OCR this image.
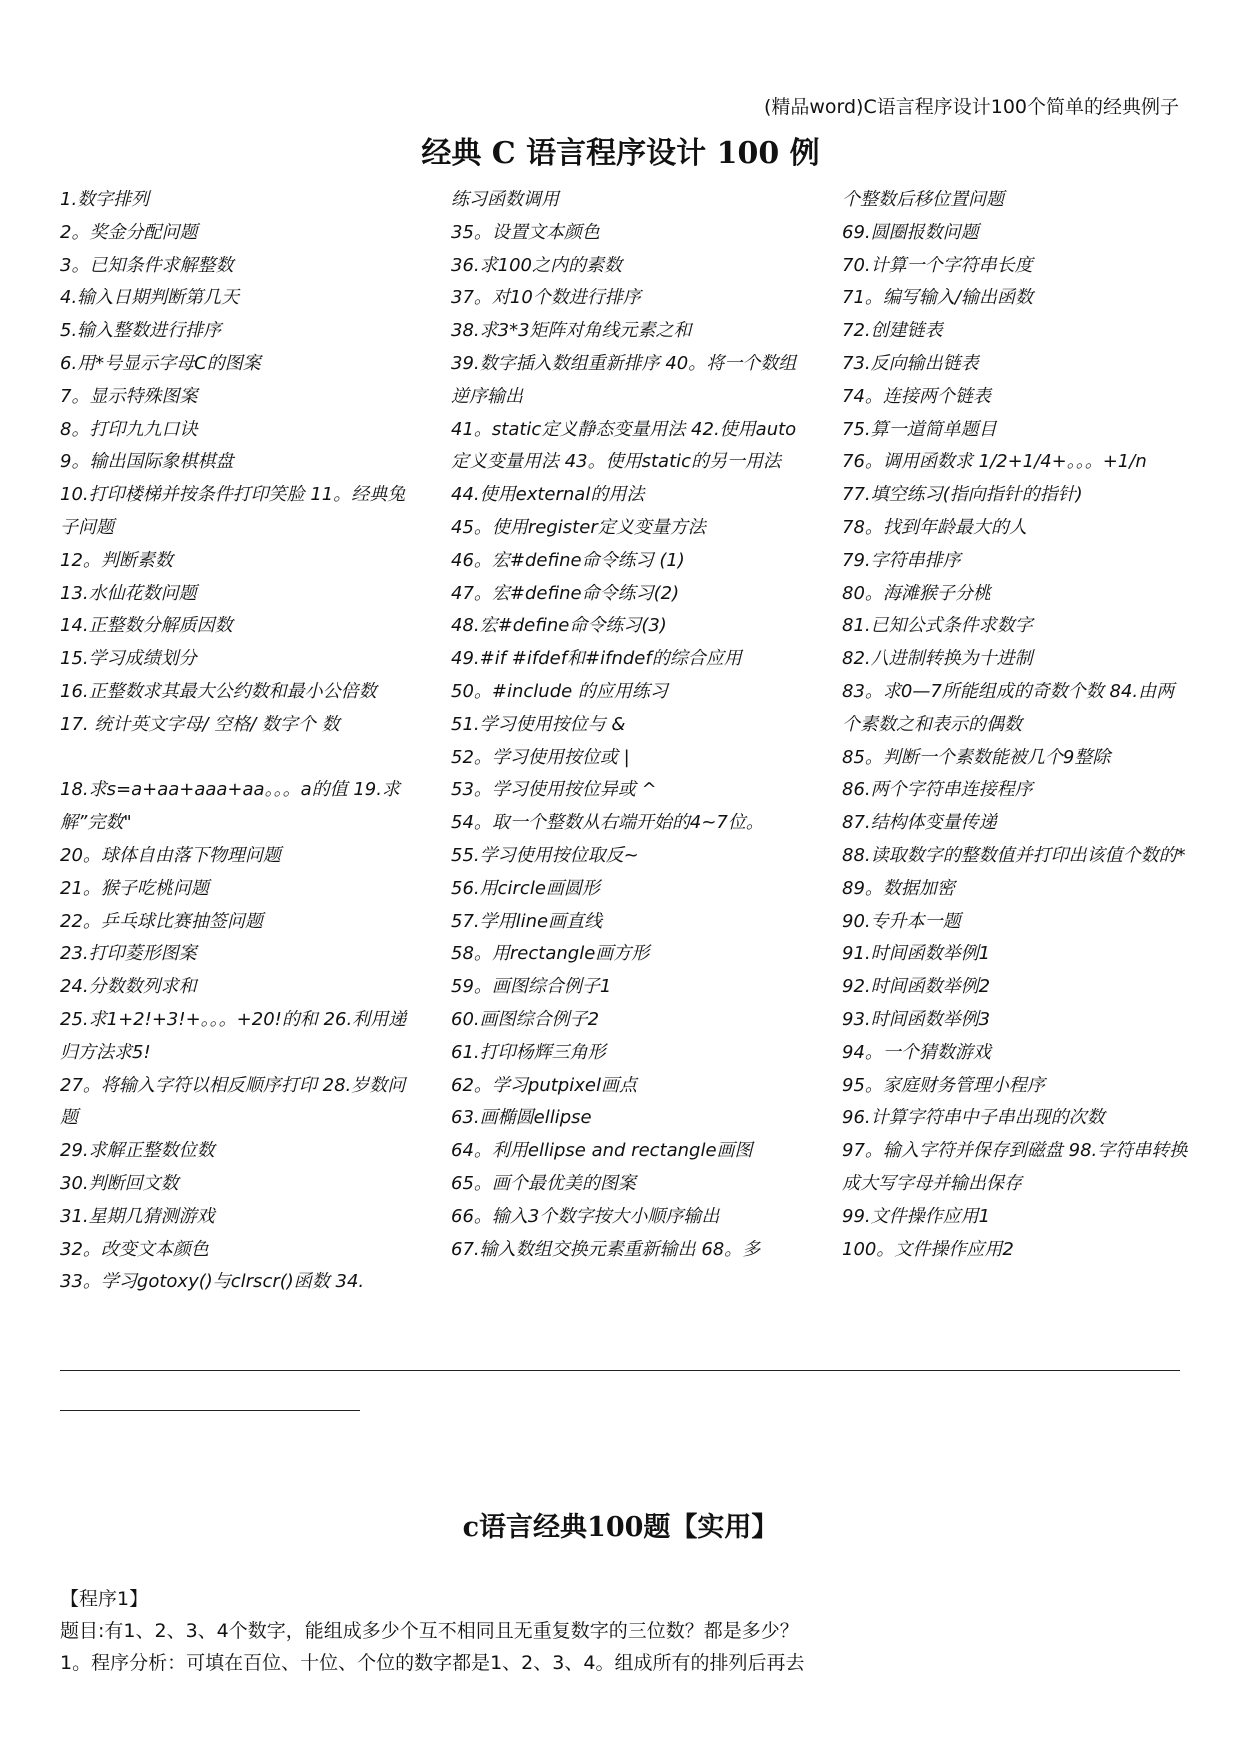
(精品word)C语言程序设计100个简单的经典例子
经典 C 语言程序设计 100 例
1.数字排列
2。奖金分配问题
3。已知条件求解整数
4.输入日期判断第几天
5.输入整数进行排序
6.用*号显示字母C的图案
7。显示特殊图案
8。打印九九口诀
9。输出国际象棋棋盘
10.打印楼梯并按条件打印笑脸 11。经典兔子问题
12。判断素数
13.水仙花数问题
14.正整数分解质因数
15.学习成绩划分
16.正整数求其最大公约数和最小公倍数
17. 统计英文字母/ 空格/ 数字个 数
18.求s=a+aa+aaa+aa。。。a的值 19.求解”完数"
20。球体自由落下物理问题
21。猴子吃桃问题
22。乒乓球比赛抽签问题
23.打印菱形图案
24.分数数列求和
25.求1+2!+3!+。。。+20!的和 26.利用递归方法求5!
27。将输入字符以相反顺序打印 28.岁数问题
29.求解正整数位数
30.判断回文数
31.星期几猜测游戏
32。改变文本颜色
33。学习gotoxy()与clrscr()函数 34.
练习函数调用
35。设置文本颜色
36.求100之内的素数
37。对10个数进行排序
38.求3*3矩阵对角线元素之和
39.数字插入数组重新排序 40。将一个数组逆序输出
41。static定义静态变量用法 42.使用auto定义变量用法 43。使用static的另一用法
44.使用external的用法
45。使用register定义变量方法
46。宏#define命令练习 (1)
47。宏#define命令练习(2)
48.宏#define命令练习(3)
49.#if #ifdef和#ifndef的综合应用
50。#include 的应用练习
51.学习使用按位与 &
52。学习使用按位或 |
53。学习使用按位异或 ^
54。取一个整数从右端开始的4~7位。
55.学习使用按位取反~
56.用circle画圆形
57.学用line画直线
58。用rectangle画方形
59。画图综合例子1
60.画图综合例子2
61.打印杨辉三角形
62。学习putpixel画点
63.画椭圆ellipse
64。利用ellipse and rectangle画图
65。画个最优美的图案
66。输入3个数字按大小顺序输出
67.输入数组交换元素重新输出 68。多
个整数后移位置问题
69.圆圈报数问题
70.计算一个字符串长度
71。编写输入/输出函数
72.创建链表
73.反向输出链表
74。连接两个链表
75.算一道简单题目
76。调用函数求 1/2+1/4+。。。+1/n
77.填空练习(指向指针的指针)
78。找到年龄最大的人
79.字符串排序
80。海滩猴子分桃
81.已知公式条件求数字
82.八进制转换为十进制
83。求0—7所能组成的奇数个数 84.由两个素数之和表示的偶数
85。判断一个素数能被几个9整除
86.两个字符串连接程序
87.结构体变量传递
88.读取数字的整数值并打印出该值个数的*
89。数据加密
90.专升本一题
91.时间函数举例1
92.时间函数举例2
93.时间函数举例3
94。一个猜数游戏
95。家庭财务管理小程序
96.计算字符串中子串出现的次数
97。输入字符并保存到磁盘 98.字符串转换成大写字母并输出保存
99.文件操作应用1
100。文件操作应用2
c语言经典100题【实用】
【程序1】
题目:有1、2、3、4个数字，能组成多少个互不相同且无重复数字的三位数？都是多少？
1。程序分析：可填在百位、十位、个位的数字都是1、2、3、4。组成所有的排列后再去
